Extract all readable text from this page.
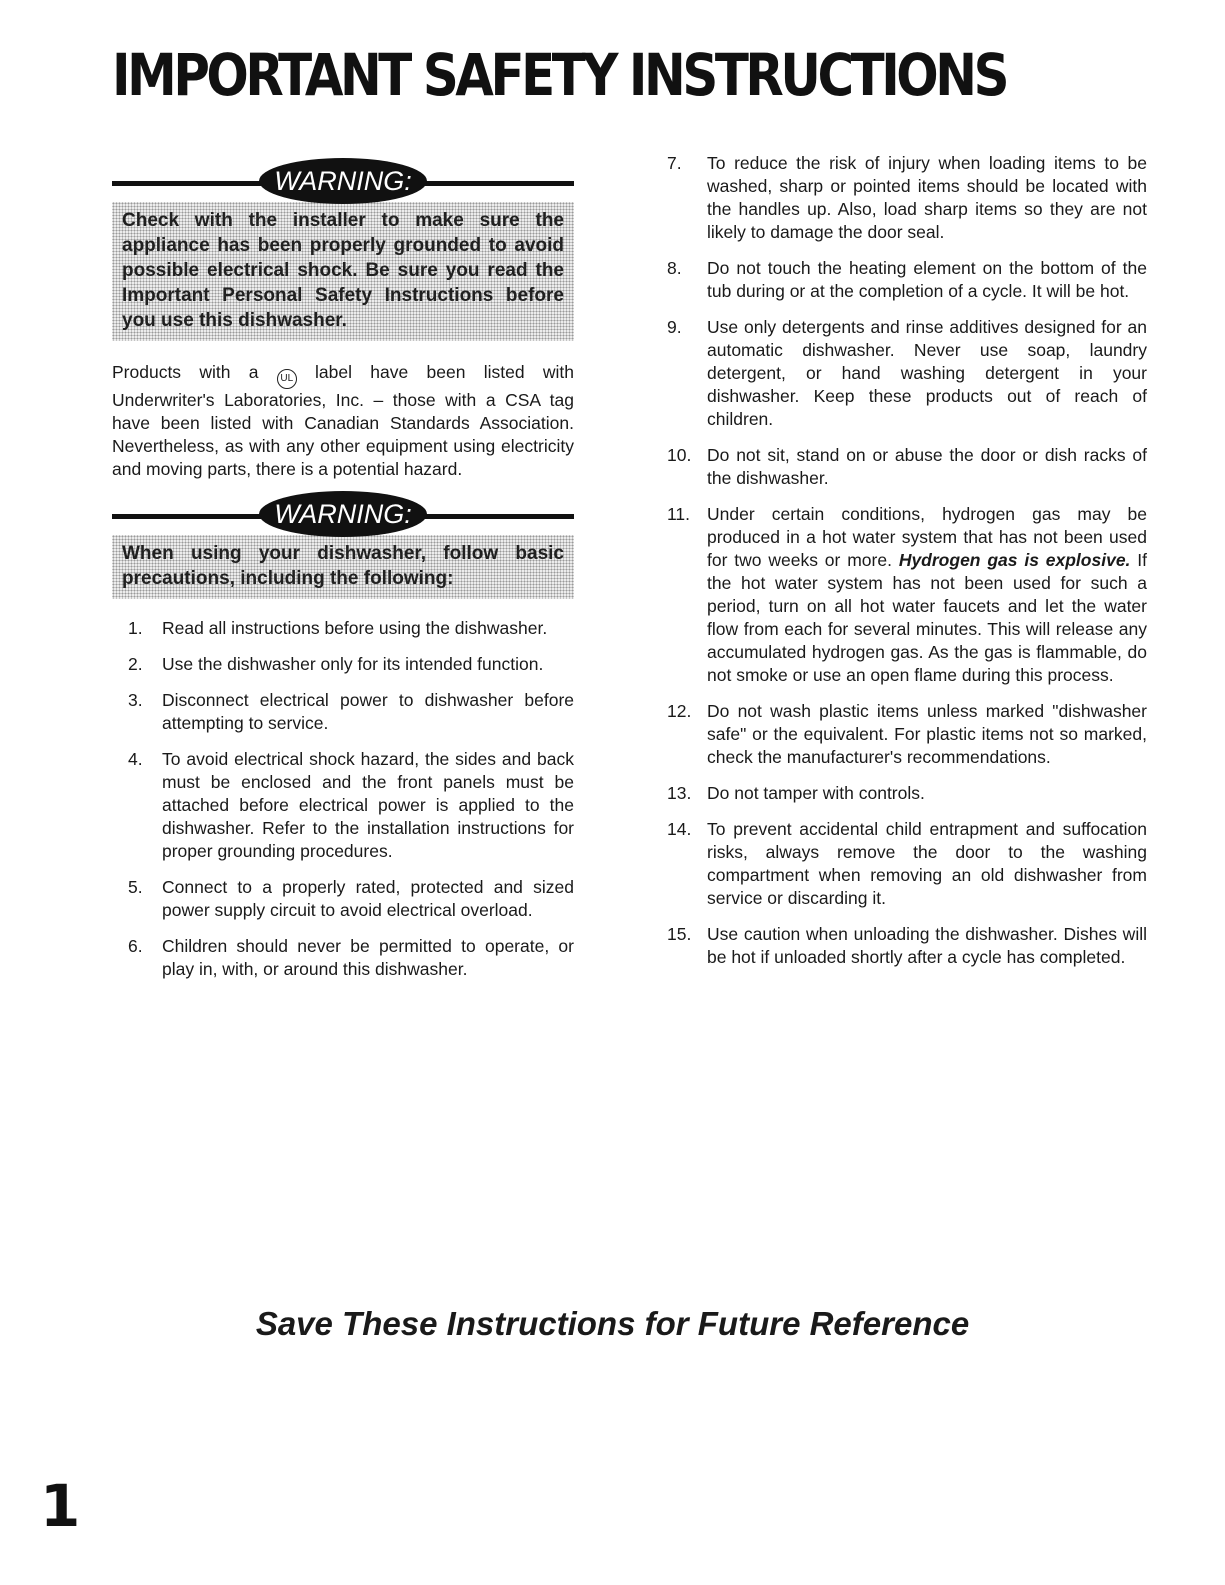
IMPORTANT SAFETY INSTRUCTIONS
WARNING:
Check with the installer to make sure the appliance has been properly grounded to avoid possible electrical shock. Be sure you read the Important Personal Safety Instructions before you use this dishwasher.
Products with a UL label have been listed with Underwriter's Laboratories, Inc. – those with a CSA tag have been listed with Canadian Standards Association. Nevertheless, as with any other equipment using electricity and moving parts, there is a potential hazard.
WARNING:
When using your dishwasher, follow basic precautions, including the following:
1.	Read all instructions before using the dishwasher.
2.	Use the dishwasher only for its intended function.
3.	Disconnect electrical power to dishwasher before attempting to service.
4.	To avoid electrical shock hazard, the sides and back must be enclosed and the front panels must be attached before electrical power is applied to the dishwasher. Refer to the installation instructions for proper grounding procedures.
5.	Connect to a properly rated, protected and sized power supply circuit to avoid electrical overload.
6.	Children should never be permitted to operate, or play in, with, or around this dishwasher.
7.	To reduce the risk of injury when loading items to be washed, sharp or pointed items should be located with the handles up. Also, load sharp items so they are not likely to damage the door seal.
8.	Do not touch the heating element on the bottom of the tub during or at the completion of a cycle. It will be hot.
9.	Use only detergents and rinse additives designed for an automatic dishwasher. Never use soap, laundry detergent, or hand washing detergent in your dishwasher. Keep these products out of reach of children.
10. Do not sit, stand on or abuse the door or dish racks of the dishwasher.
11. Under certain conditions, hydrogen gas may be produced in a hot water system that has not been used for two weeks or more. Hydrogen gas is explosive. If the hot water system has not been used for such a period, turn on all hot water faucets and let the water flow from each for several minutes. This will release any accumulated hydrogen gas. As the gas is flammable, do not smoke or use an open flame during this process.
12. Do not wash plastic items unless marked "dishwasher safe" or the equivalent. For plastic items not so marked, check the manufacturer's recommendations.
13. Do not tamper with controls.
14. To prevent accidental child entrapment and suffocation risks, always remove the door to the washing compartment when removing an old dishwasher from service or discarding it.
15. Use caution when unloading the dishwasher. Dishes will be hot if unloaded shortly after a cycle has completed.
Save These Instructions for Future Reference
1
